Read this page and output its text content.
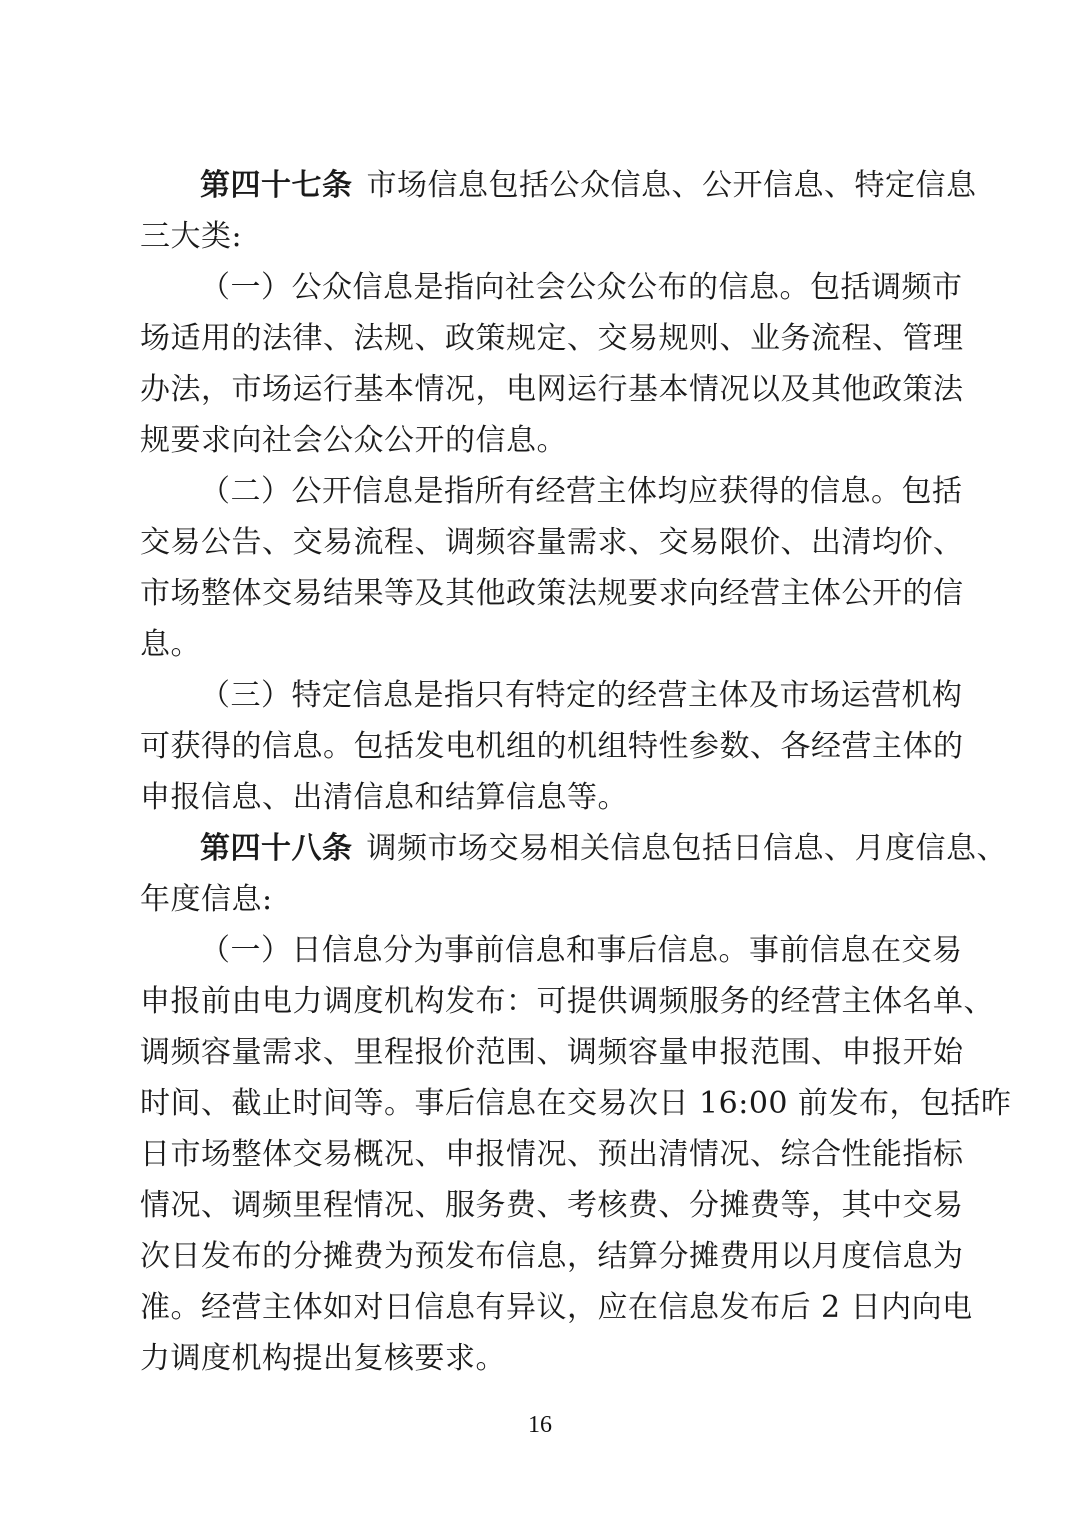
第四十七条 市场信息包括公众信息、公开信息、特定信息
三大类:
（一）公众信息是指向社会公众公布的信息。包括调频市
场适用的法律、法规、政策规定、交易规则、业务流程、管理
办法，市场运行基本情况，电网运行基本情况以及其他政策法
规要求向社会公众公开的信息。
（二）公开信息是指所有经营主体均应获得的信息。包括
交易公告、交易流程、调频容量需求、交易限价、出清均价、
市场整体交易结果等及其他政策法规要求向经营主体公开的信
息。
（三）特定信息是指只有特定的经营主体及市场运营机构
可获得的信息。包括发电机组的机组特性参数、各经营主体的
申报信息、出清信息和结算信息等。
第四十八条 调频市场交易相关信息包括日信息、月度信息、
年度信息:
（一）日信息分为事前信息和事后信息。事前信息在交易
申报前由电力调度机构发布：可提供调频服务的经营主体名单、
调频容量需求、里程报价范围、调频容量申报范围、申报开始
时间、截止时间等。事后信息在交易次日 16:00 前发布，包括昨
日市场整体交易概况、申报情况、预出清情况、综合性能指标
情况、调频里程情况、服务费、考核费、分摊费等，其中交易
次日发布的分摊费为预发布信息，结算分摊费用以月度信息为
准。经营主体如对日信息有异议，应在信息发布后 2 日内向电
力调度机构提出复核要求。
16
